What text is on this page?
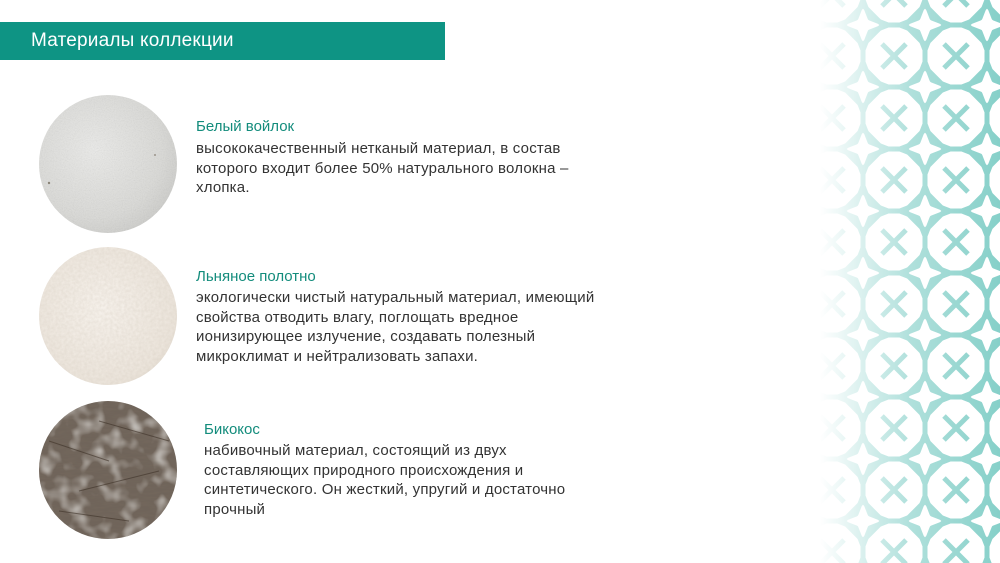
Материалы коллекции

Белый войлок

высококачественный нетканый материал, в состав которого входит более 50% натурального волокна – хлопка.

Льняное полотно

экологически чистый натуральный материал, имеющий свойства отводить влагу, поглощать вредное ионизирующее излучение, создавать полезный микроклимат и нейтрализовать запахи.

Бикокос

набивочный материал, состоящий из двух составляющих природного происхождения и синтетического. Он жесткий, упругий и достаточно прочный
